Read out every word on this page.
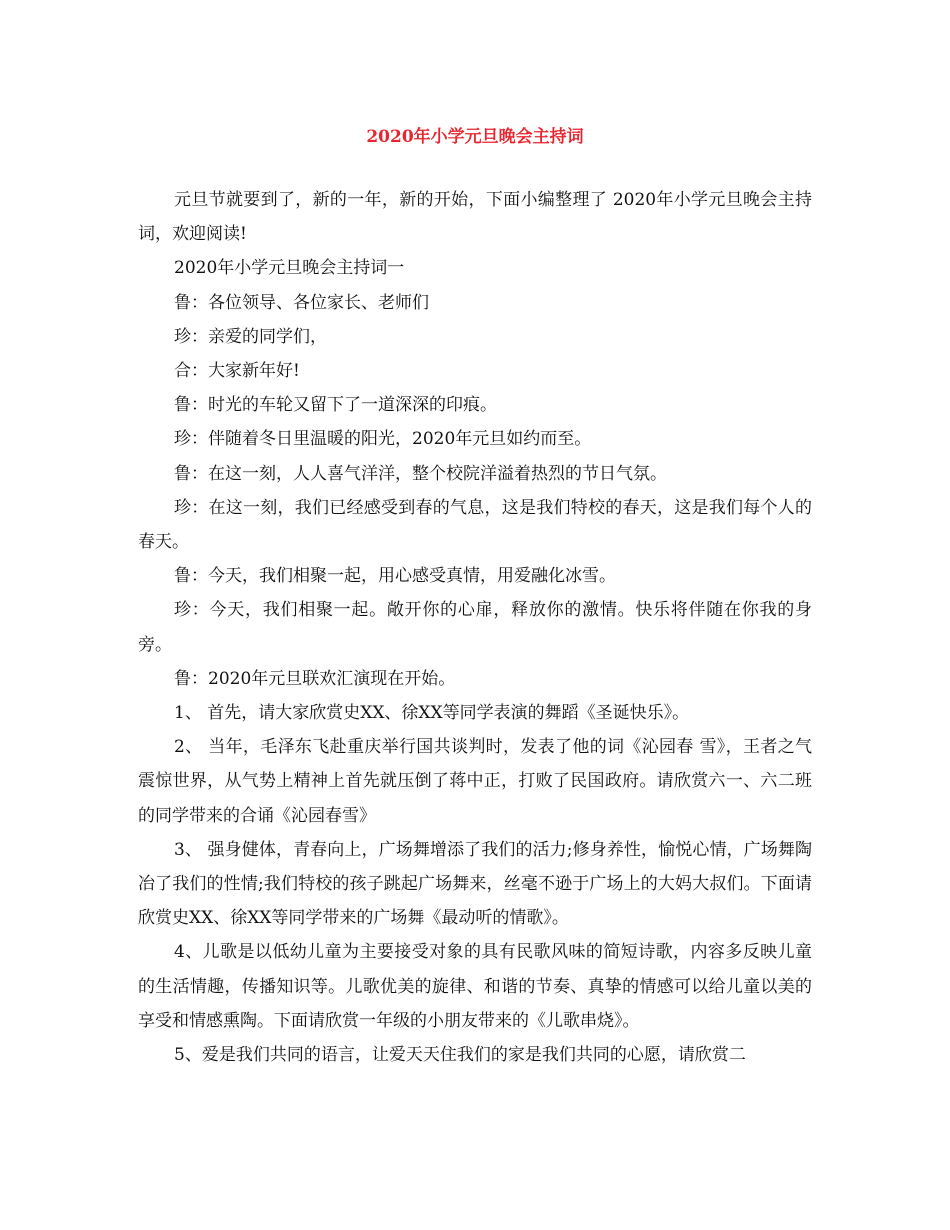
2020年小学元旦晚会主持词

元旦节就要到了，新的一年，新的开始，下面小编整理了 2020年小学元旦晚会主持词，欢迎阅读!

2020年小学元旦晚会主持词一

鲁：各位领导、各位家长、老师们

珍：亲爱的同学们，

合：大家新年好!

鲁：时光的车轮又留下了一道深深的印痕。

珍：伴随着冬日里温暖的阳光，2020年元旦如约而至。

鲁：在这一刻，人人喜气洋洋，整个校院洋溢着热烈的节日气氛。

珍：在这一刻，我们已经感受到春的气息，这是我们特校的春天，这是我们每个人的春天。

鲁：今天，我们相聚一起，用心感受真情，用爱融化冰雪。

珍：今天，我们相聚一起。敞开你的心扉，释放你的激情。快乐将伴随在你我的身旁。

鲁：2020年元旦联欢汇演现在开始。

1、 首先，请大家欣赏史XX、徐XX等同学表演的舞蹈《圣诞快乐》。

2、 当年，毛泽东飞赴重庆举行国共谈判时，发表了他的词《沁园春 雪》，王者之气震惊世界，从气势上精神上首先就压倒了蒋中正，打败了民国政府。请欣赏六一、六二班的同学带来的合诵《沁园春雪》

3、 强身健体，青春向上，广场舞增添了我们的活力;修身养性，愉悦心情，广场舞陶冶了我们的性情;我们特校的孩子跳起广场舞来，丝毫不逊于广场上的大妈大叔们。下面请欣赏史XX、徐XX等同学带来的广场舞《最动听的情歌》。

4、儿歌是以低幼儿童为主要接受对象的具有民歌风味的简短诗歌，内容多反映儿童的生活情趣，传播知识等。儿歌优美的旋律、和谐的节奏、真挚的情感可以给儿童以美的享受和情感熏陶。下面请欣赏一年级的小朋友带来的《儿歌串烧》。

5、爱是我们共同的语言，让爱天天住我们的家是我们共同的心愿，请欣赏二
